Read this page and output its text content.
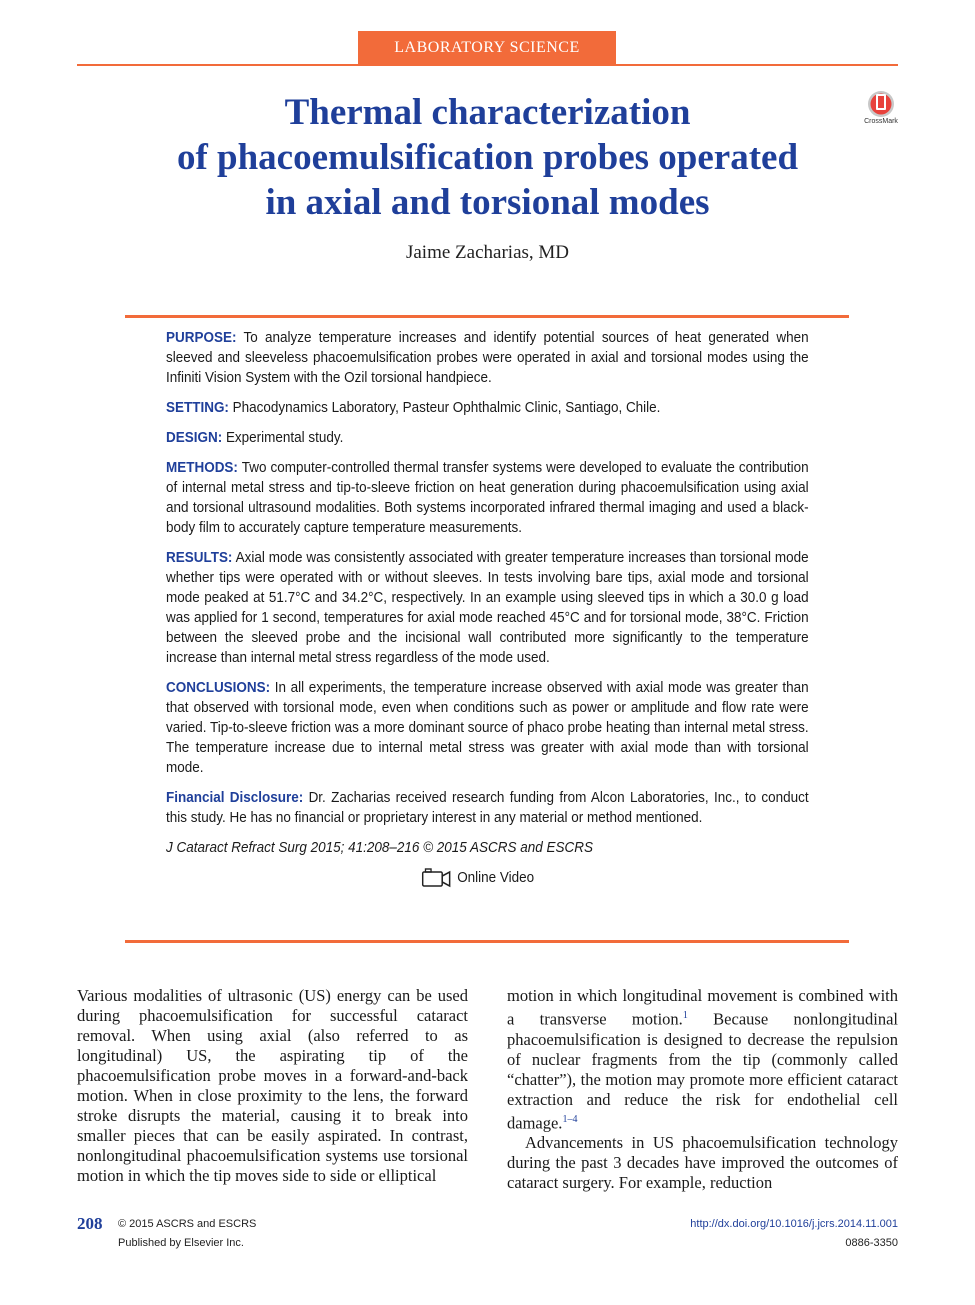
LABORATORY SCIENCE
Thermal characterization
of phacoemulsification probes operated
in axial and torsional modes
CrossMark
Jaime Zacharias, MD

PURPOSE: To analyze temperature increases and identify potential sources of heat generated when sleeved and sleeveless phacoemulsification probes were operated in axial and torsional modes using the Infiniti Vision System with the Ozil torsional handpiece.

SETTING: Phacodynamics Laboratory, Pasteur Ophthalmic Clinic, Santiago, Chile.

DESIGN: Experimental study.

METHODS: Two computer-controlled thermal transfer systems were developed to evaluate the contribution of internal metal stress and tip-to-sleeve friction on heat generation during phacoemulsification using axial and torsional ultrasound modalities. Both systems incorporated infrared thermal imaging and used a black-body film to accurately capture temperature measurements.

RESULTS: Axial mode was consistently associated with greater temperature increases than torsional mode whether tips were operated with or without sleeves. In tests involving bare tips, axial mode and torsional mode peaked at 51.7°C and 34.2°C, respectively. In an example using sleeved tips in which a 30.0 g load was applied for 1 second, temperatures for axial mode reached 45°C and for torsional mode, 38°C. Friction between the sleeved probe and the incisional wall contributed more significantly to the temperature increase than internal metal stress regardless of the mode used.

CONCLUSIONS: In all experiments, the temperature increase observed with axial mode was greater than that observed with torsional mode, even when conditions such as power or amplitude and flow rate were varied. Tip-to-sleeve friction was a more dominant source of phaco probe heating than internal metal stress. The temperature increase due to internal metal stress was greater with axial mode than with torsional mode.

Financial Disclosure: Dr. Zacharias received research funding from Alcon Laboratories, Inc., to conduct this study. He has no financial or proprietary interest in any material or method mentioned.

J Cataract Refract Surg 2015; 41:208–216 © 2015 ASCRS and ESCRS

Online Video

Various modalities of ultrasonic (US) energy can be used during phacoemulsification for successful cataract removal. When using axial (also referred to as longitudinal) US, the aspirating tip of the phacoemulsification probe moves in a forward-and-back motion. When in close proximity to the lens, the forward stroke disrupts the material, causing it to break into smaller pieces that can be easily aspirated. In contrast, nonlongitudinal phacoemulsification systems use torsional motion in which the tip moves side to side or elliptical

motion in which longitudinal movement is combined with a transverse motion.$^1$ Because nonlongitudinal phacoemulsification is designed to decrease the repulsion of nuclear fragments from the tip (commonly called “chatter”), the motion may promote more efficient cataract extraction and reduce the risk for endothelial cell damage.$^{1-4}$

Advancements in US phacoemulsification technology during the past 3 decades have improved the outcomes of cataract surgery. For example, reduction

208 © 2015 ASCRS and ESCRS
Published by Elsevier Inc.
http://dx.doi.org/10.1016/j.jcrs.2014.11.001
0886-3350
